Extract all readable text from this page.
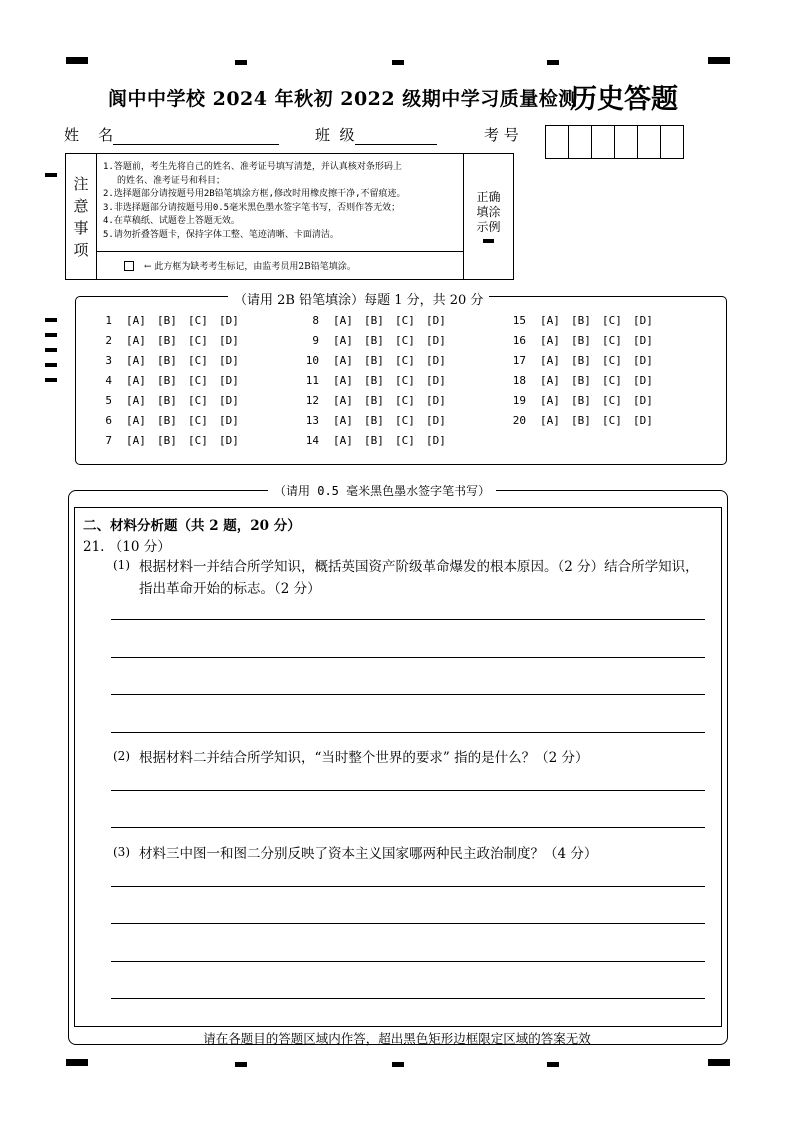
阆中中学校 2024 年秋初 2022 级期中学习质量检测
历史答题
姓    名	班  级	考 号
注
意
事
项
1.答题前，考生先将自己的姓名、准考证号填写清楚，并认真核对条形码上
的姓名、准考证号和科目；
2.选择题部分请按题号用2B铅笔填涂方框,修改时用橡皮擦干净,不留痕迹。
3.非选择题部分请按题号用0.5毫米黑色墨水签字笔书写，否则作答无效；
4.在草稿纸、试题卷上答题无效。
5.请勿折叠答题卡，保持字体工整、笔迹清晰、卡面清洁。
← 此方框为缺考考生标记，由监考员用2B铅笔填涂。
正确
填涂
示例
（请用 2B 铅笔填涂）每题 1 分，共 20 分
1 [A] [B] [C] [D]
2 [A] [B] [C] [D]
3 [A] [B] [C] [D]
4 [A] [B] [C] [D]
5 [A] [B] [C] [D]
6 [A] [B] [C] [D]
7 [A] [B] [C] [D]
8 [A] [B] [C] [D]
9 [A] [B] [C] [D]
10 [A] [B] [C] [D]
11 [A] [B] [C] [D]
12 [A] [B] [C] [D]
13 [A] [B] [C] [D]
14 [A] [B] [C] [D]
15 [A] [B] [C] [D]
16 [A] [B] [C] [D]
17 [A] [B] [C] [D]
18 [A] [B] [C] [D]
19 [A] [B] [C] [D]
20 [A] [B] [C] [D]
（请用 0.5 毫米黑色墨水签字笔书写）
二、材料分析题（共 2 题，20 分）
21. （10 分）
(1) 根据材料一并结合所学知识，概括英国资产阶级革命爆发的根本原因。（2 分）结合所学知识，
指出革命开始的标志。（2 分）
(2) 根据材料二并结合所学知识，“当时整个世界的要求” 指的是什么？（2 分）
(3) 材料三中图一和图二分别反映了资本主义国家哪两种民主政治制度？（4 分）
请在各题目的答题区域内作答，超出黑色矩形边框限定区域的答案无效
